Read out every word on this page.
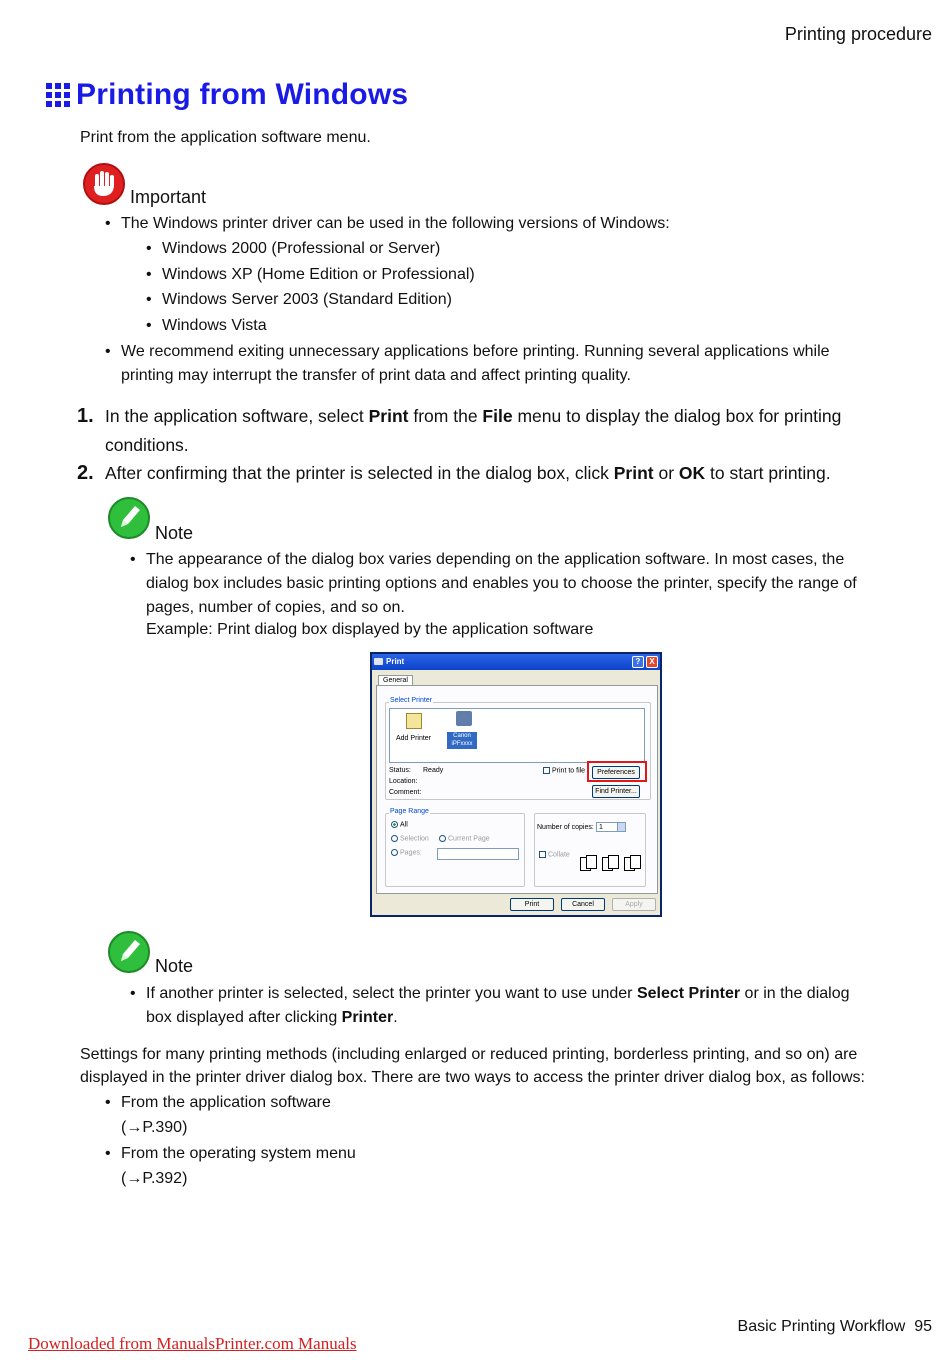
Printing procedure
Printing from Windows
Print from the application software menu.
Important
• The Windows printer driver can be used in the following versions of Windows:
• Windows 2000 (Professional or Server)
• Windows XP (Home Edition or Professional)
• Windows Server 2003 (Standard Edition)
• Windows Vista
• We recommend exiting unnecessary applications before printing. Running several applications while
printing may interrupt the transfer of print data and affect printing quality.
1. In the application software, select Print from the File menu to display the dialog box for printing
conditions.
2. After confirming that the printer is selected in the dialog box, click Print or OK to start printing.
Note
• The appearance of the dialog box varies depending on the application software. In most cases, the
dialog box includes basic printing options and enables you to choose the printer, specify the range of
pages, number of copies, and so on.
Example: Print dialog box displayed by the application software
Print	?	X
General
Select Printer
Add Printer	Canon
iPFxxxx
Status: Ready
Location:
Comment:
Print to file	Preferences
Find Printer...
Page Range
All
Selection	Current Page
Pages:
Number of copies: 1
Collate
Print	Cancel	Apply
Note
• If another printer is selected, select the printer you want to use under Select Printer or in the dialog
box displayed after clicking Printer.
Settings for many printing methods (including enlarged or reduced printing, borderless printing, and so on) are
displayed in the printer driver dialog box. There are two ways to access the printer driver dialog box, as follows:
• From the application software
(→P.390)
• From the operating system menu
(→P.392)
Basic Printing Workflow 95
Downloaded from ManualsPrinter.com Manuals
